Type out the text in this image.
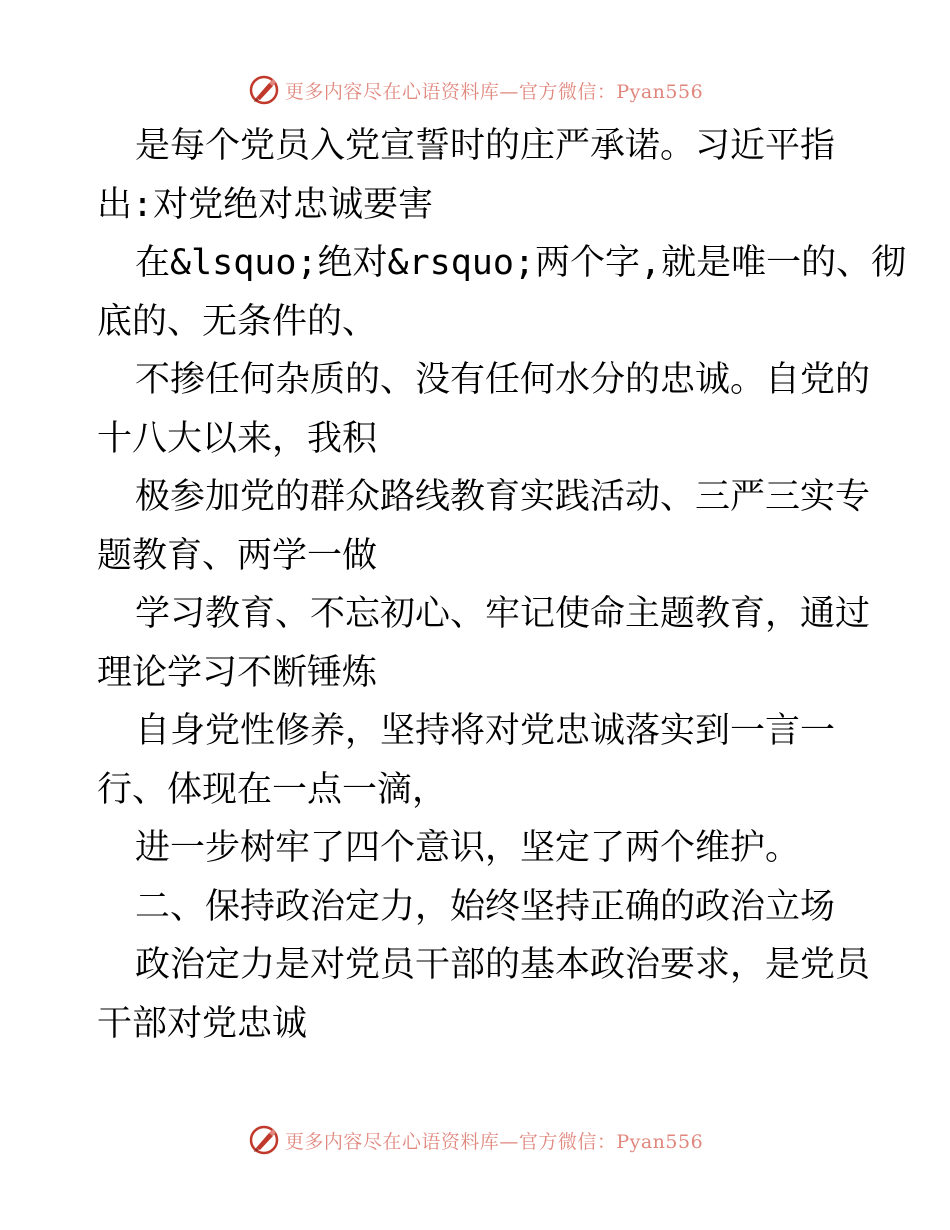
更多内容尽在心语资料库—官方微信：Pyan556
是每个党员入党宣誓时的庄严承诺。习近平指
出:对党绝对忠诚要害
在&lsquo;绝对&rsquo;两个字,就是唯一的、彻
底的、无条件的、
不掺任何杂质的、没有任何水分的忠诚。自党的
十八大以来，我积
极参加党的群众路线教育实践活动、三严三实专
题教育、两学一做
学习教育、不忘初心、牢记使命主题教育，通过
理论学习不断锤炼
自身党性修养，坚持将对党忠诚落实到一言一
行、体现在一点一滴，
进一步树牢了四个意识，坚定了两个维护。
二、保持政治定力，始终坚持正确的政治立场
政治定力是对党员干部的基本政治要求，是党员
干部对党忠诚
更多内容尽在心语资料库—官方微信：Pyan556
